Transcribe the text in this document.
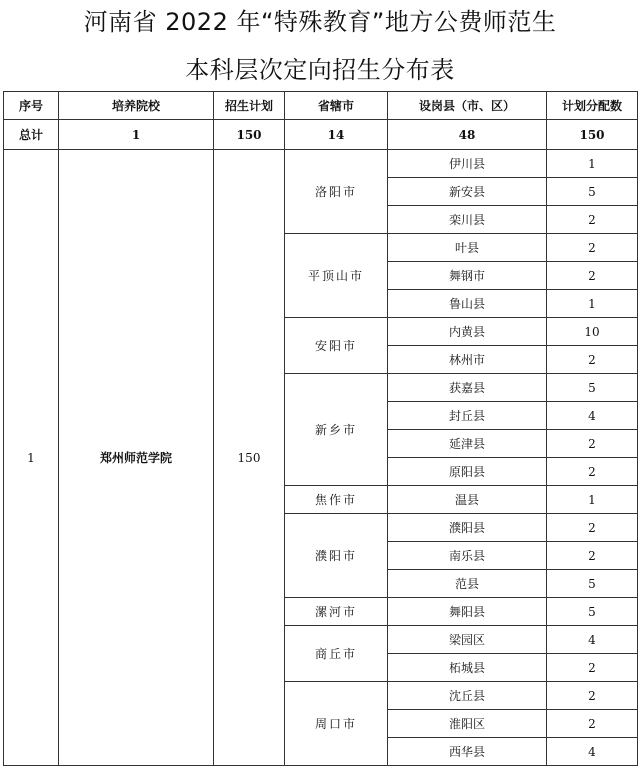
河南省 2022 年“特殊教育”地方公费师范生
本科层次定向招生分布表
序号	培养院校	招生计划	省辖市	设岗县（市、区）	计划分配数
总计	1	150	14	48	150
1	郑州师范学院	150	洛阳市	伊川县	1
				新安县	5
				栾川县	2
			平顶山市	叶县	2
				舞钢市	2
				鲁山县	1
			安阳市	内黄县	10
				林州市	2
			新乡市	获嘉县	5
				封丘县	4
				延津县	2
				原阳县	2
			焦作市	温县	1
			濮阳市	濮阳县	2
				南乐县	2
				范县	5
			漯河市	舞阳县	5
			商丘市	梁园区	4
				柘城县	2
			周口市	沈丘县	2
				淮阳区	2
				西华县	4
